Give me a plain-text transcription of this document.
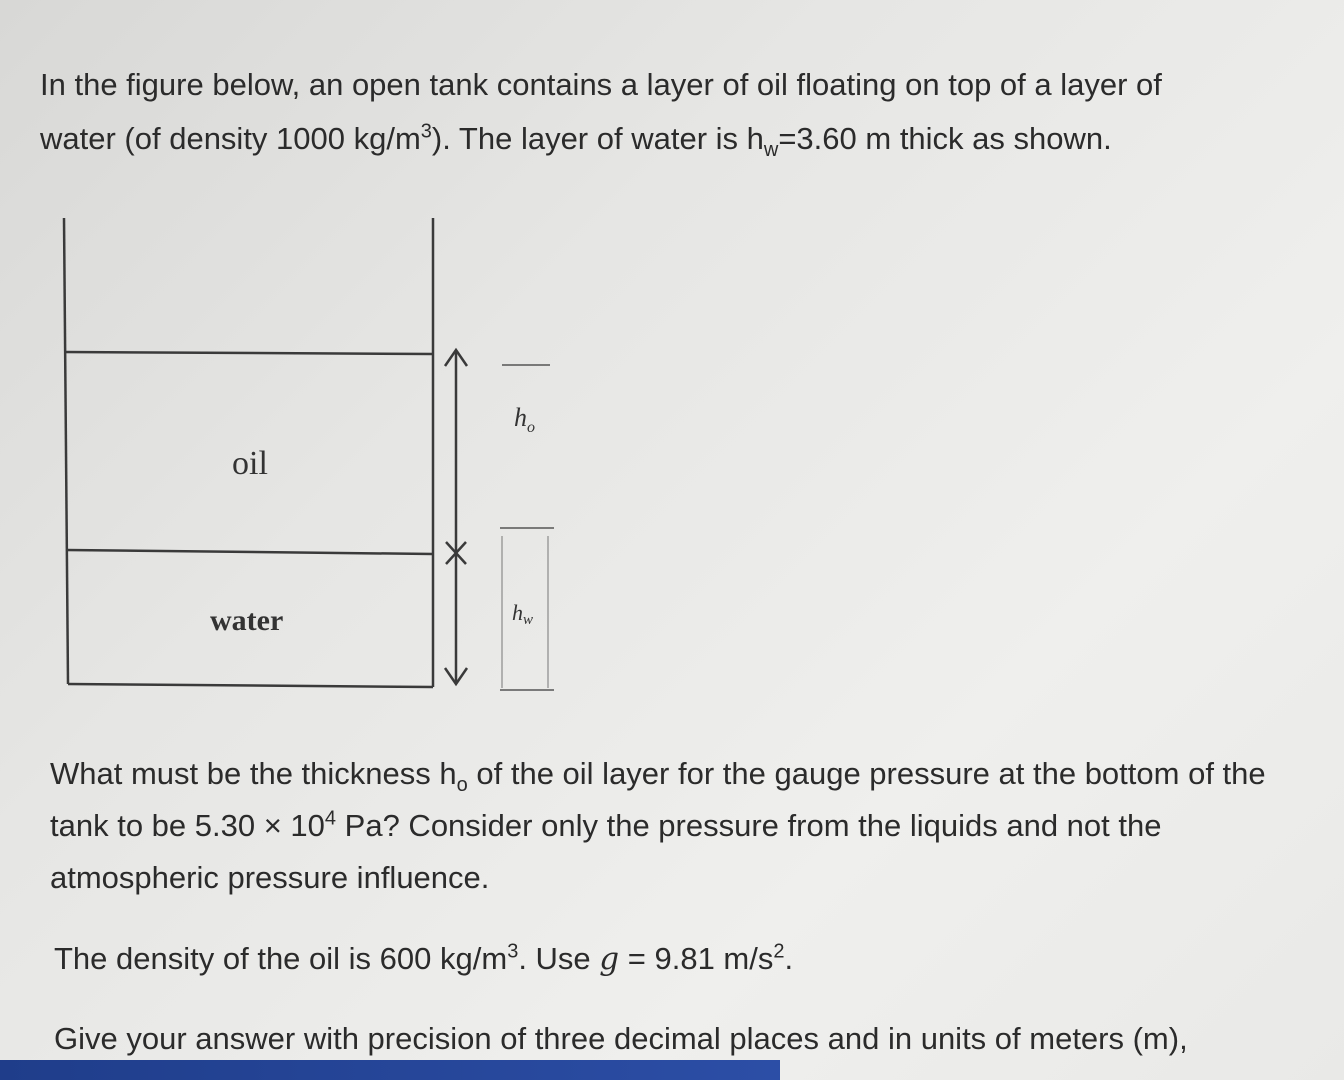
In the figure below, an open tank contains a layer of oil floating on top of a layer of
water (of density 1000 $kg/m^3$). The layer of water is $h_w=3.60$ m thick as shown.

oil
water
$h_o$
hw

What must be the thickness $h_o$ of the oil layer for the gauge pressure at the bottom of the tank to be $5.30 \times 10^4$ Pa? Consider only the pressure from the liquids and not the atmospheric pressure influence.

The density of the oil is 600 $kg/m^3$. Use g = 9.81 $m/s^2$.

Give your answer with precision of three decimal places and in units of meters (m),
